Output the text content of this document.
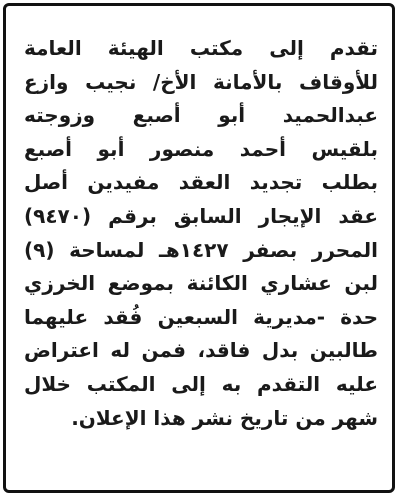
تقدم إلى مكتب الهيئة العامة
للأوقاف بالأمانة الأخ/ نجيب وازع
عبدالحميد أبو أصبع وزوجته
بلقيس أحمد منصور أبو أصبع
بطلب تجديد العقد مفيدين أصل
عقد الإيجار السابق برقم (٩٤٧٠)
المحرر بصفر ١٤٢٧هـ لمساحة (٩)
لبن عشاري الكائنة بموضع الخرزي
حدة -مديرية السبعين فُقد عليهما
طالبين بدل فاقد، فمن له اعتراض
عليه التقدم به إلى المكتب خلال
شهر من تاريخ نشر هذا الإعلان.
